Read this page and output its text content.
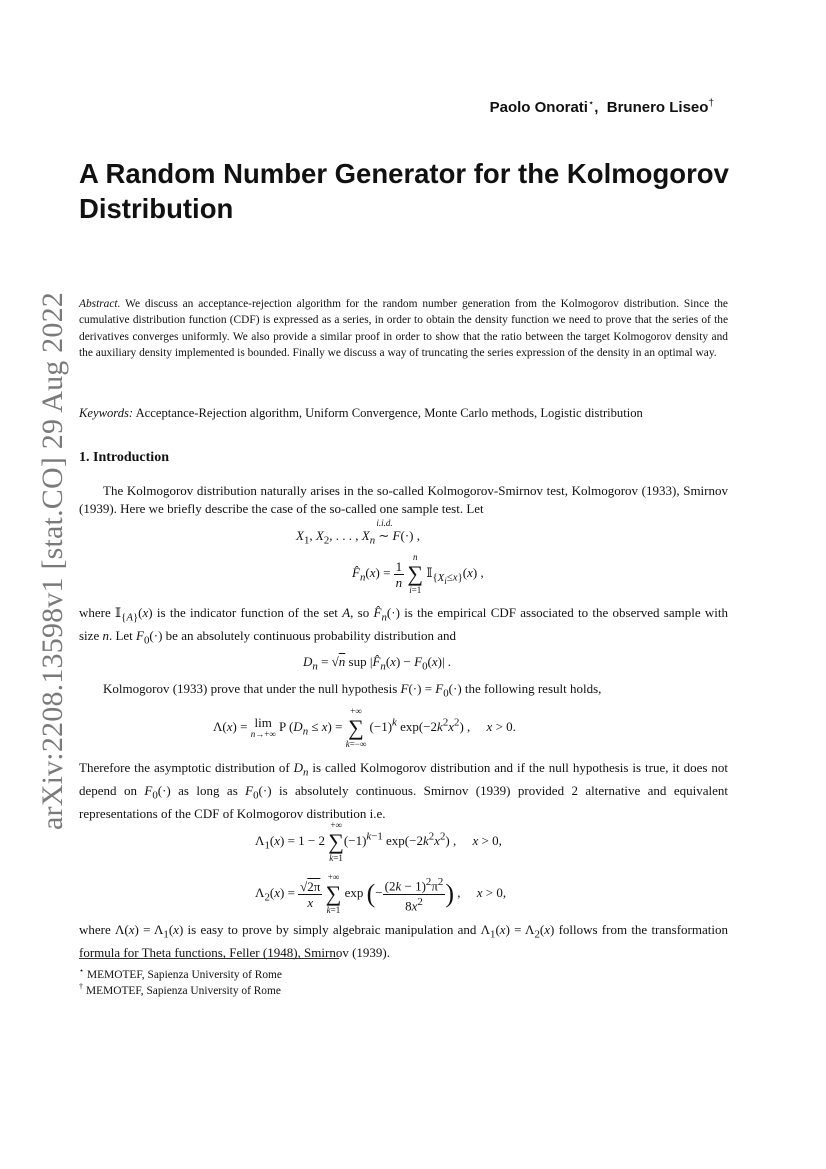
arXiv:2208.13598v1 [stat.CO] 29 Aug 2022
Paolo Onorati⋆,  Brunero Liseo†
A Random Number Generator for the Kolmogorov Distribution
Abstract. We discuss an acceptance-rejection algorithm for the random number generation from the Kolmogorov distribution. Since the cumulative distribution function (CDF) is expressed as a series, in order to obtain the density function we need to prove that the series of the derivatives converges uniformly. We also provide a similar proof in order to show that the ratio between the target Kolmogorov density and the auxiliary density implemented is bounded. Finally we discuss a way of truncating the series expression of the density in an optimal way.
Keywords: Acceptance-Rejection algorithm, Uniform Convergence, Monte Carlo methods, Logistic distribution
1. Introduction

The Kolmogorov distribution naturally arises in the so-called Kolmogorov-Smirnov test, Kolmogorov (1933), Smirnov (1939). Here we briefly describe the case of the so-called one sample test. Let

$X_1$, $X_2$, . . . , $X_n$
i.i.d.
∼ F(·) ,
$F̂_n(x) = \frac{1}{n}$

n
∑
i=1
𝕀$_{\{X_i\le x\}}$(x) ,

where 𝕀$_{\{A\}}$(x) is the indicator function of the set A, so $F̂_n(\cdot)$ is the empirical CDF associated to the observed sample with size n. Let $F_0(\cdot)$ be an absolutely continuous probability distribution and

$D_n = √n$ sup $|F̂_n(x) - F_0(x)|$ .

Kolmogorov (1933) prove that under the null hypothesis $F(\cdot) = F_0(\cdot)$ the following result holds,

Λ(x) = lim
n→+∞ P $(D_n \le x)$ =
+∞
∑
k=−∞
$(-1)^k$ $\exp(-2k^2x^2)$ ,     x > 0.

Therefore the asymptotic distribution of $D_n$ is called Kolmogorov distribution and if the null hypothesis is true, it does not depend on $F_0(\cdot)$ as long as $F_0(\cdot)$ is absolutely continuous. Smirnov (1939) provided 2 alternative and equivalent representations of the CDF of Kolmogorov distribution i.e.

$\Lambda_1(x) = 1 - 2$
+∞
∑
k=1
$(-1)^{k-1}$ $\exp(-2k^2x^2)$ ,     x > 0,
$\Lambda_2(x) = \frac{√2\pi}{x}$

+∞
∑
k=1
exp (− $\frac{(2k - 1)^2\pi^2}{8x^2}$ ) ,     x > 0,

where $\Lambda(x) = \Lambda_1(x)$ is easy to prove by simply algebraic manipulation and $\Lambda_1(x) = \Lambda_2(x)$ follows from the transformation formula for Theta functions, Feller (1948), Smirnov (1939).

⋆ MEMOTEF, Sapienza University of Rome
† MEMOTEF, Sapienza University of Rome
